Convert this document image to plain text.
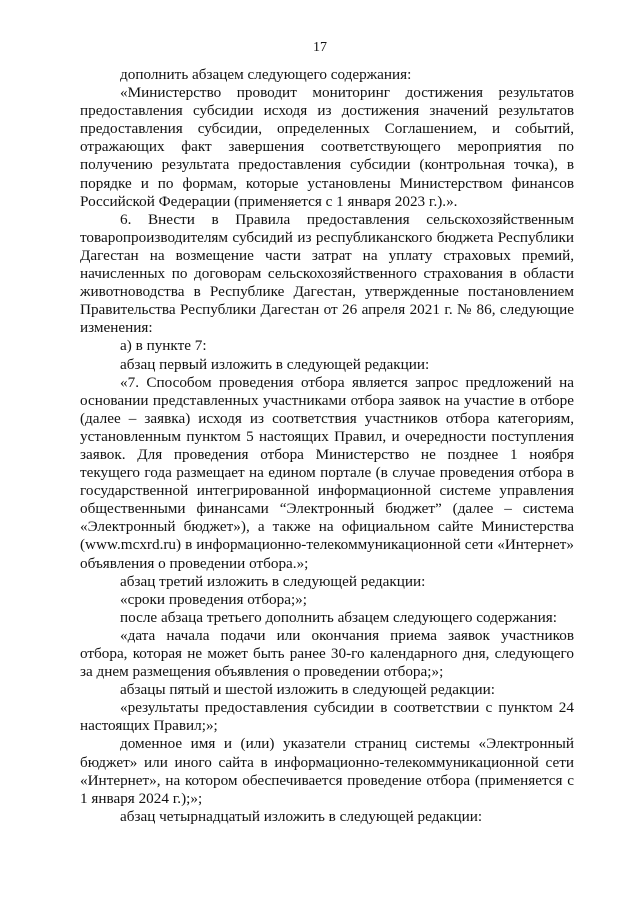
17

дополнить абзацем следующего содержания:

«Министерство проводит мониторинг достижения результатов предоставления субсидии исходя из достижения значений результатов предоставления субсидии, определенных Соглашением, и событий, отражающих факт завершения соответствующего мероприятия по получению результата предоставления субсидии (контрольная точка), в порядке и по формам, которые установлены Министерством финансов Российской Федерации (применяется с 1 января 2023 г.).».

6. Внести в Правила предоставления сельскохозяйственным товаропроизводителям субсидий из республиканского бюджета Республики Дагестан на возмещение части затрат на уплату страховых премий, начисленных по договорам сельскохозяйственного страхования в области животноводства в Республике Дагестан, утвержденные постановлением Правительства Республики Дагестан от 26 апреля 2021 г. № 86, следующие изменения:

а) в пункте 7:

абзац первый изложить в следующей редакции:

«7. Способом проведения отбора является запрос предложений на основании представленных участниками отбора заявок на участие в отборе (далее – заявка) исходя из соответствия участников отбора категориям, установленным пунктом 5 настоящих Правил, и очередности поступления заявок. Для проведения отбора Министерство не позднее 1 ноября текущего года размещает на едином портале (в случае проведения отбора в государственной интегрированной информационной системе управления общественными финансами “Электронный бюджет” (далее – система «Электронный бюджет»), а также на официальном сайте Министерства (www.mcxrd.ru) в информационно-телекоммуникационной сети «Интернет» объявления о проведении отбора.»;

абзац третий изложить в следующей редакции:

«сроки проведения отбора;»;

после абзаца третьего дополнить абзацем следующего содержания:

«дата начала подачи или окончания приема заявок участников отбора, которая не может быть ранее 30-го календарного дня, следующего за днем размещения объявления о проведении отбора;»;

абзацы пятый и шестой изложить в следующей редакции:

«результаты предоставления субсидии в соответствии с пунктом 24 настоящих Правил;»;

доменное имя и (или) указатели страниц системы «Электронный бюджет» или иного сайта в информационно-телекоммуникационной сети «Интернет», на котором обеспечивается проведение отбора (применяется с 1 января 2024 г.);»;

абзац четырнадцатый изложить в следующей редакции:
